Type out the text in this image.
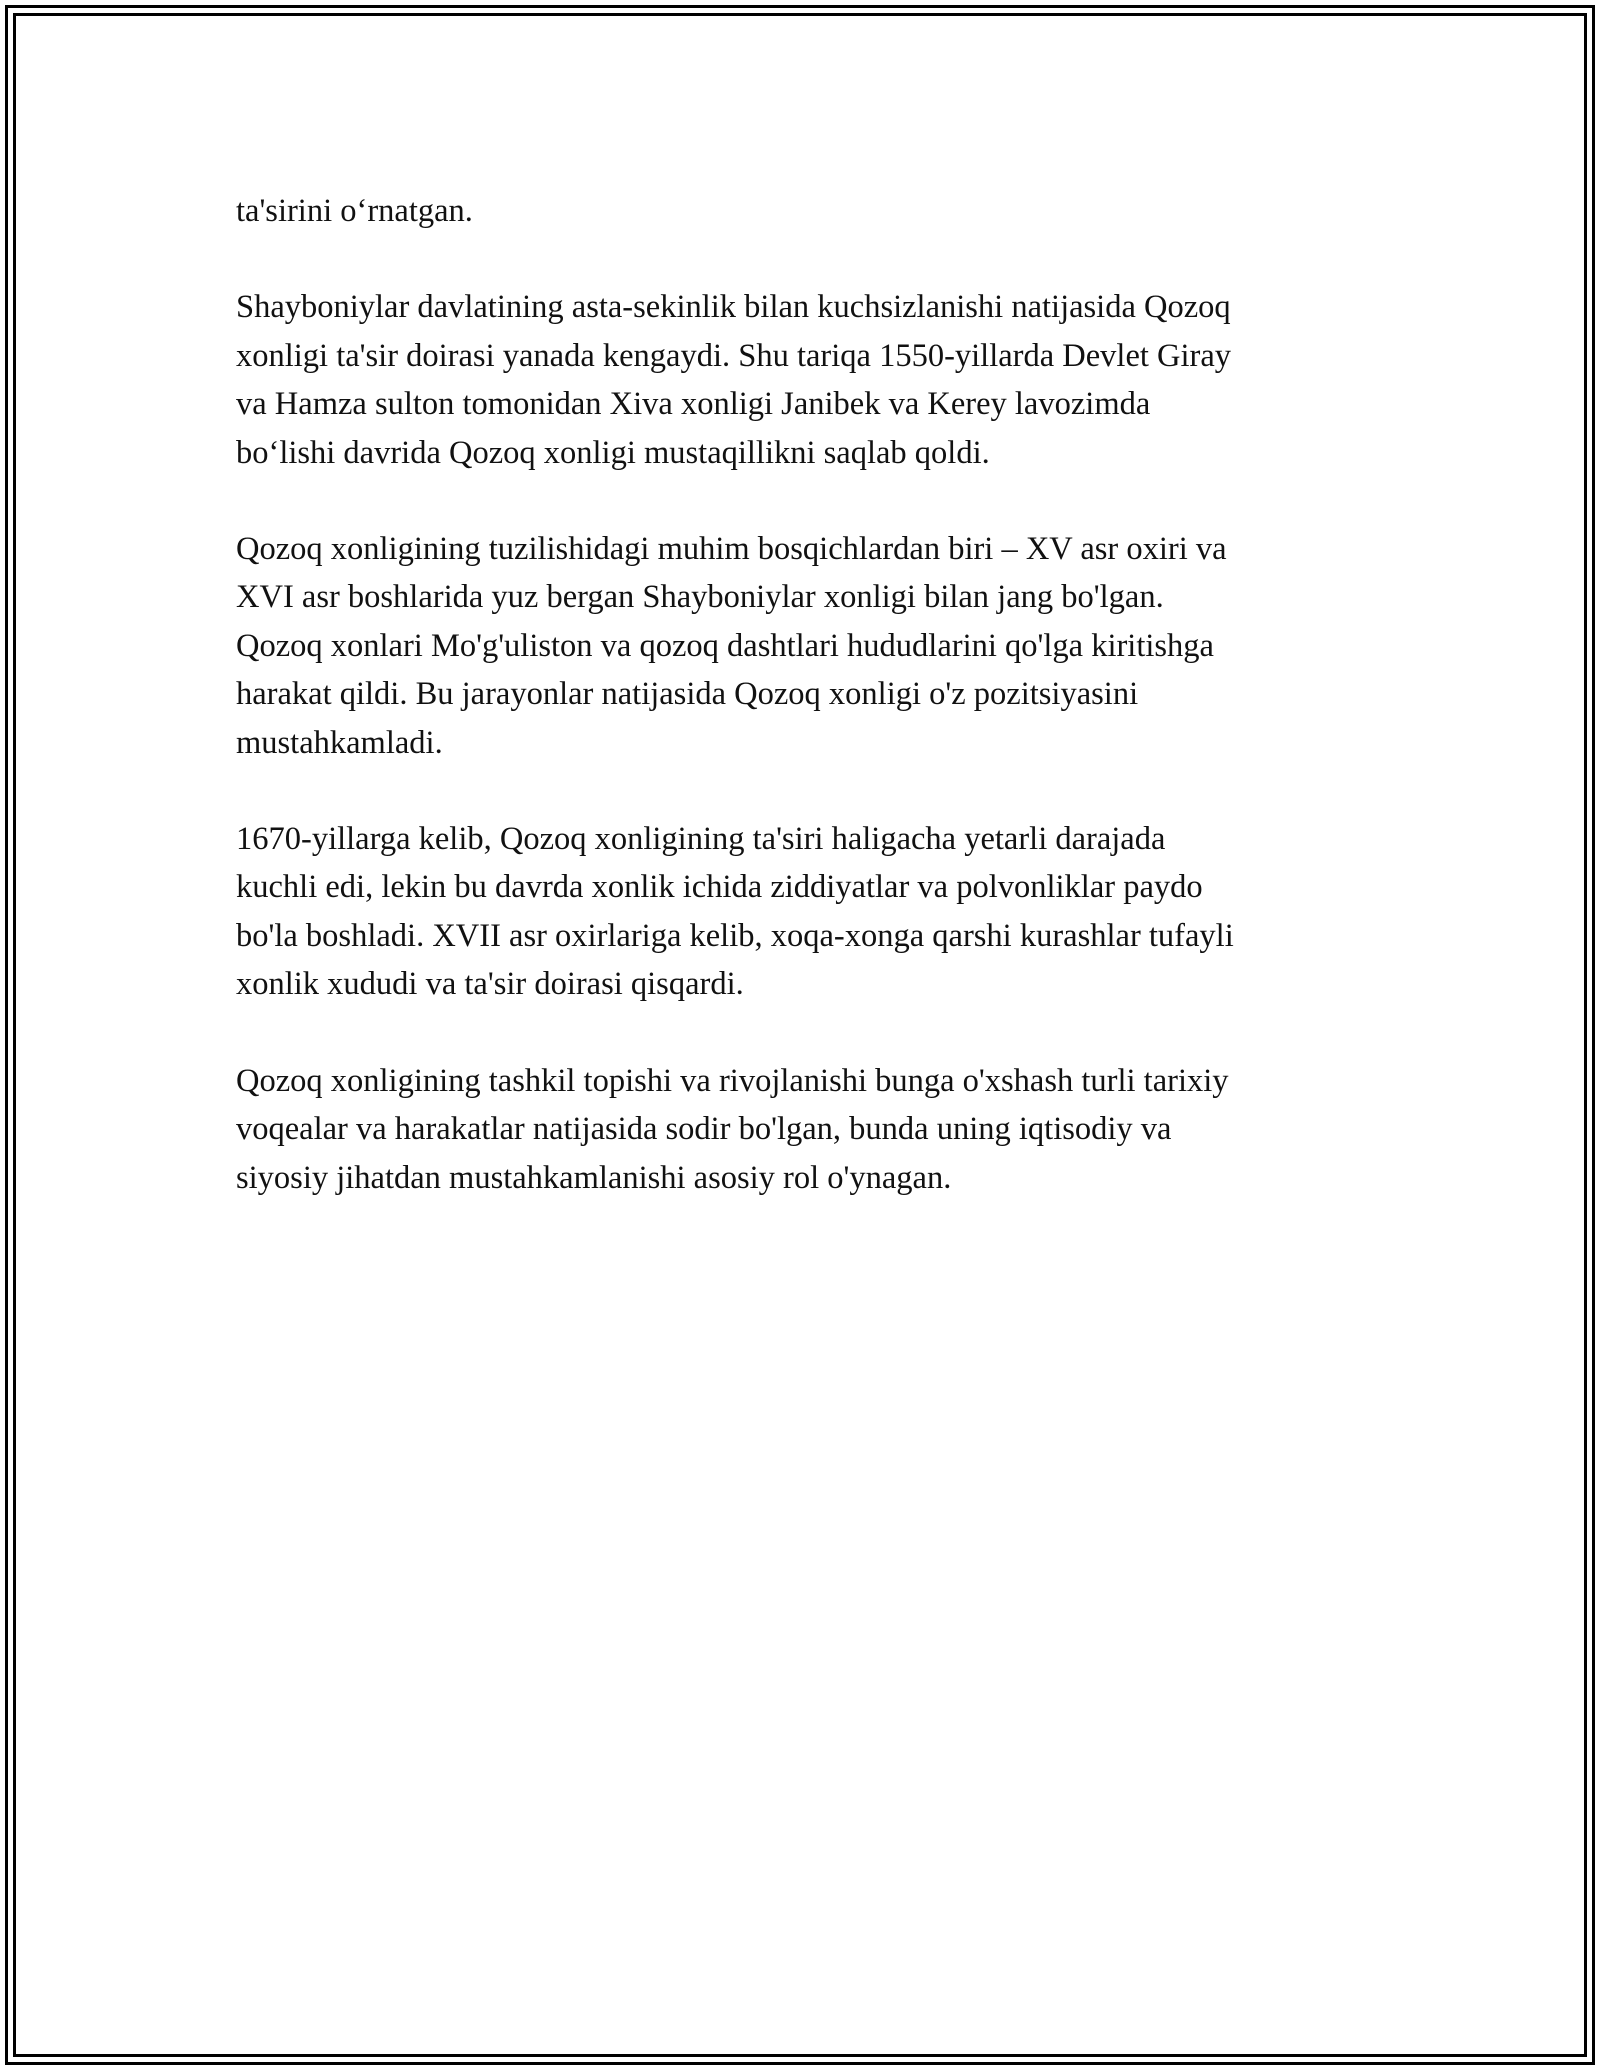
ta'sirini o‘rnatgan.

Shayboniylar davlatining asta-sekinlik bilan kuchsizlanishi natijasida Qozoq
xonligi ta'sir doirasi yanada kengaydi. Shu tariqa 1550-yillarda Devlet Giray
va Hamza sulton tomonidan Xiva xonligi Janibek va Kerey lavozimda
bo‘lishi davrida Qozoq xonligi mustaqillikni saqlab qoldi.

Qozoq xonligining tuzilishidagi muhim bosqichlardan biri – XV asr oxiri va
XVI asr boshlarida yuz bergan Shayboniylar xonligi bilan jang bo'lgan.
Qozoq xonlari Mo'g'uliston va qozoq dashtlari hududlarini qo'lga kiritishga
harakat qildi. Bu jarayonlar natijasida Qozoq xonligi o'z pozitsiyasini
mustahkamladi.

1670-yillarga kelib, Qozoq xonligining ta'siri haligacha yetarli darajada
kuchli edi, lekin bu davrda xonlik ichida ziddiyatlar va polvonliklar paydo
bo'la boshladi. XVII asr oxirlariga kelib, xoqa-xonga qarshi kurashlar tufayli
xonlik xududi va ta'sir doirasi qisqardi.

Qozoq xonligining tashkil topishi va rivojlanishi bunga o'xshash turli tarixiy
voqealar va harakatlar natijasida sodir bo'lgan, bunda uning iqtisodiy va
siyosiy jihatdan mustahkamlanishi asosiy rol o'ynagan.
